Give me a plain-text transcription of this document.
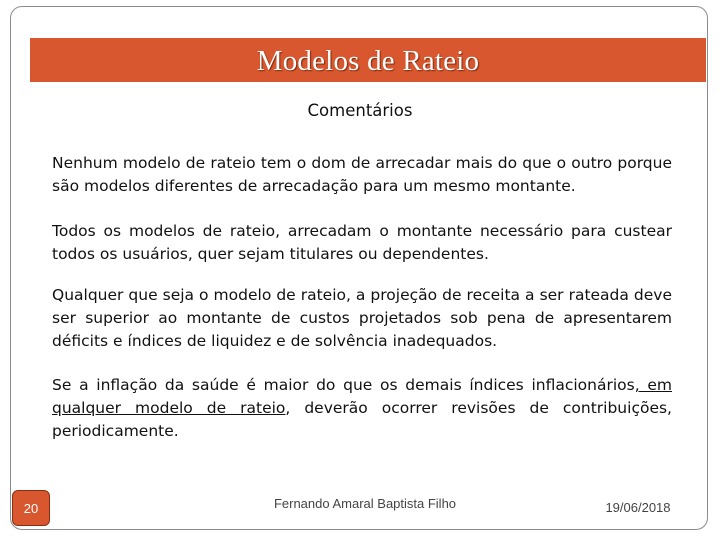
Modelos de Rateio
Comentários
Nenhum modelo de rateio tem o dom de arrecadar mais do que o outro porque são modelos diferentes de arrecadação para um mesmo montante.
Todos os modelos de rateio, arrecadam o montante necessário para custear todos os usuários, quer sejam titulares ou dependentes.
Qualquer que seja o modelo de rateio, a projeção de receita a ser rateada deve ser superior ao montante de custos projetados sob pena de apresentarem déficits e índices de liquidez e de solvência inadequados.
Se a inflação da saúde é maior do que os demais índices inflacionários, em qualquer modelo de rateio, deverão ocorrer revisões de contribuições, periodicamente.
20	Fernando Amaral Baptista Filho	19/06/2018
